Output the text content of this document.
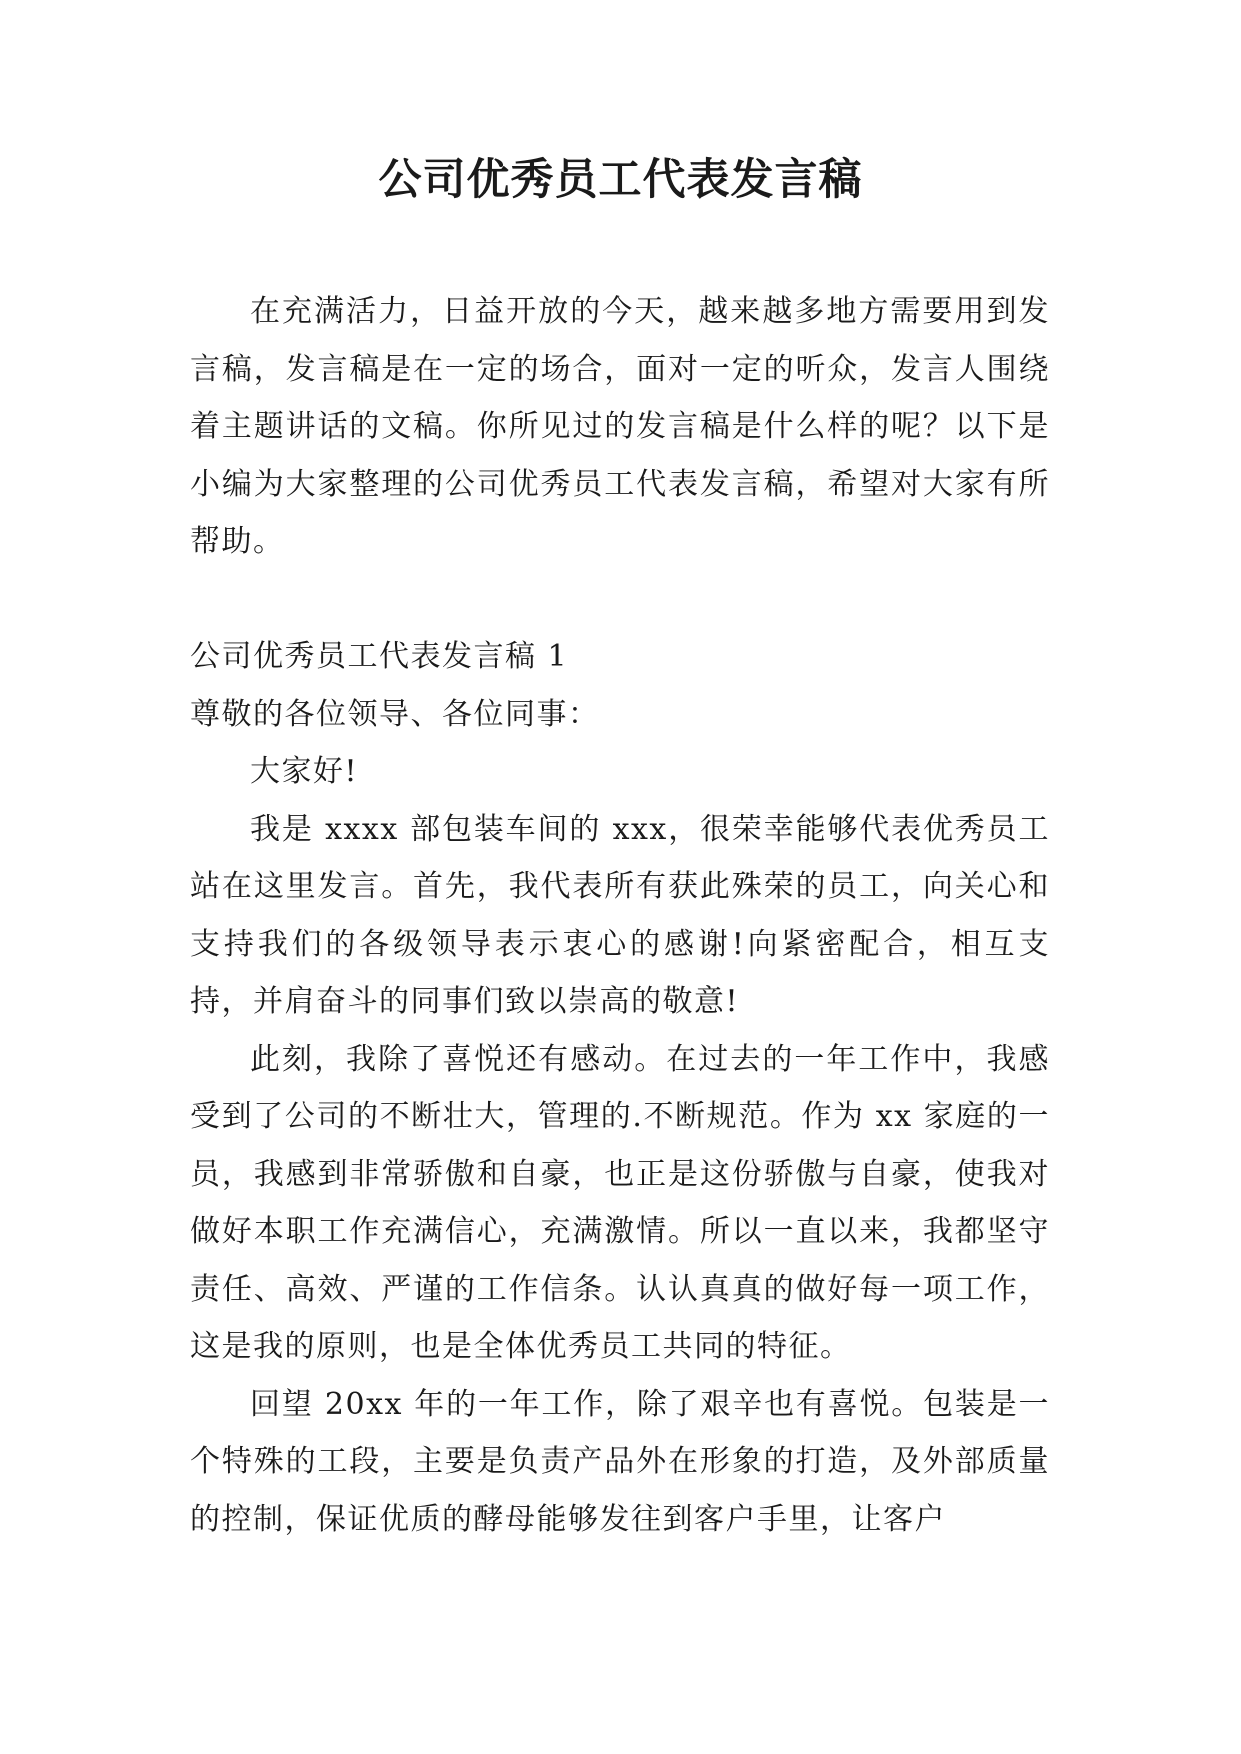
公司优秀员工代表发言稿

在充满活力，日益开放的今天，越来越多地方需要用到发言稿，发言稿是在一定的场合，面对一定的听众，发言人围绕着主题讲话的文稿。你所见过的发言稿是什么样的呢？以下是小编为大家整理的公司优秀员工代表发言稿，希望对大家有所帮助。

公司优秀员工代表发言稿 1

尊敬的各位领导、各位同事：

大家好!

我是 xxxx 部包装车间的 xxx，很荣幸能够代表优秀员工站在这里发言。首先，我代表所有获此殊荣的员工，向关心和支持我们的各级领导表示衷心的感谢!向紧密配合，相互支持，并肩奋斗的同事们致以崇高的敬意!

此刻，我除了喜悦还有感动。在过去的一年工作中，我感受到了公司的不断壮大，管理的.不断规范。作为 xx 家庭的一员，我感到非常骄傲和自豪，也正是这份骄傲与自豪，使我对做好本职工作充满信心，充满激情。所以一直以来，我都坚守责任、高效、严谨的工作信条。认认真真的做好每一项工作，这是我的原则，也是全体优秀员工共同的特征。

回望 20xx 年的一年工作，除了艰辛也有喜悦。包装是一个特殊的工段，主要是负责产品外在形象的打造，及外部质量的控制，保证优质的酵母能够发往到客户手里，让客户
